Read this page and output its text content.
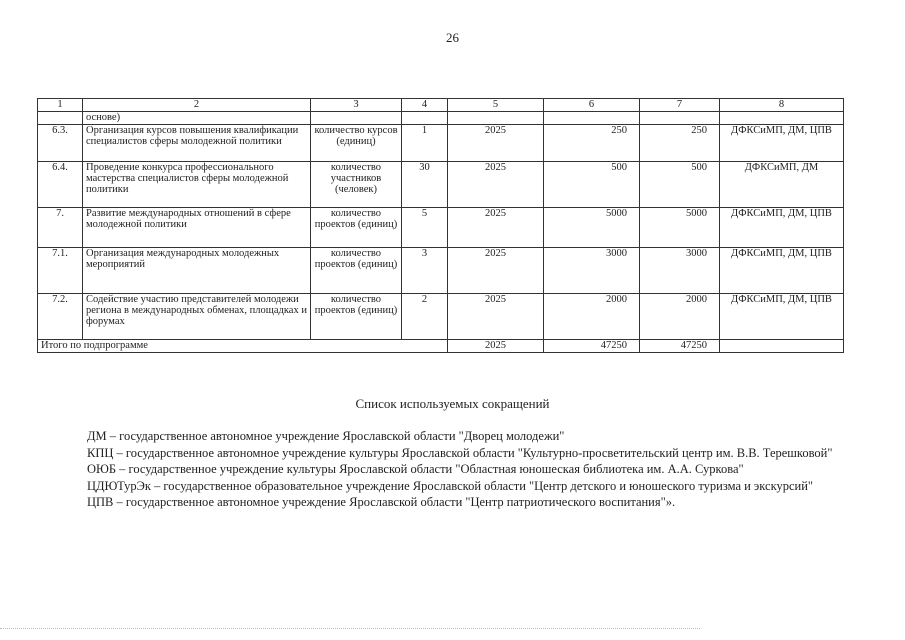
26
1	2	3	4	5	6	7	8
	основе)						
6.3.	Организация курсов повышения квалификации специалистов сферы молодежной политики	количество курсов (единиц)	1	2025	250	250	ДФКСиМП, ДМ, ЦПВ
6.4.	Проведение конкурса профессионального мастерства специалистов сферы молодежной политики	количество участников (человек)	30	2025	500	500	ДФКСиМП, ДМ
7.	Развитие международных отношений в сфере молодежной политики	количество проектов (единиц)	5	2025	5000	5000	ДФКСиМП, ДМ, ЦПВ
7.1.	Организация международных молодежных мероприятий	количество проектов (единиц)	3	2025	3000	3000	ДФКСиМП, ДМ, ЦПВ
7.2.	Содействие участию представителей молодежи региона в международных обменах, площадках и форумах	количество проектов (единиц)	2	2025	2000	2000	ДФКСиМП, ДМ, ЦПВ
Итого по подпрограмме				2025	47250	47250	
Список используемых сокращений

ДМ – государственное автономное учреждение Ярославской области "Дворец молодежи"

КПЦ – государственное автономное учреждение культуры Ярославской области "Культурно-просветительский центр им. В.В. Терешковой"

ОЮБ – государственное учреждение культуры Ярославской области "Областная юношеская библиотека им. А.А. Суркова"

ЦДЮТурЭк – государственное образовательное учреждение Ярославской области "Центр детского и юношеского туризма и экскурсий"

ЦПВ – государственное автономное учреждение Ярославской области "Центр патриотического воспитания"».
